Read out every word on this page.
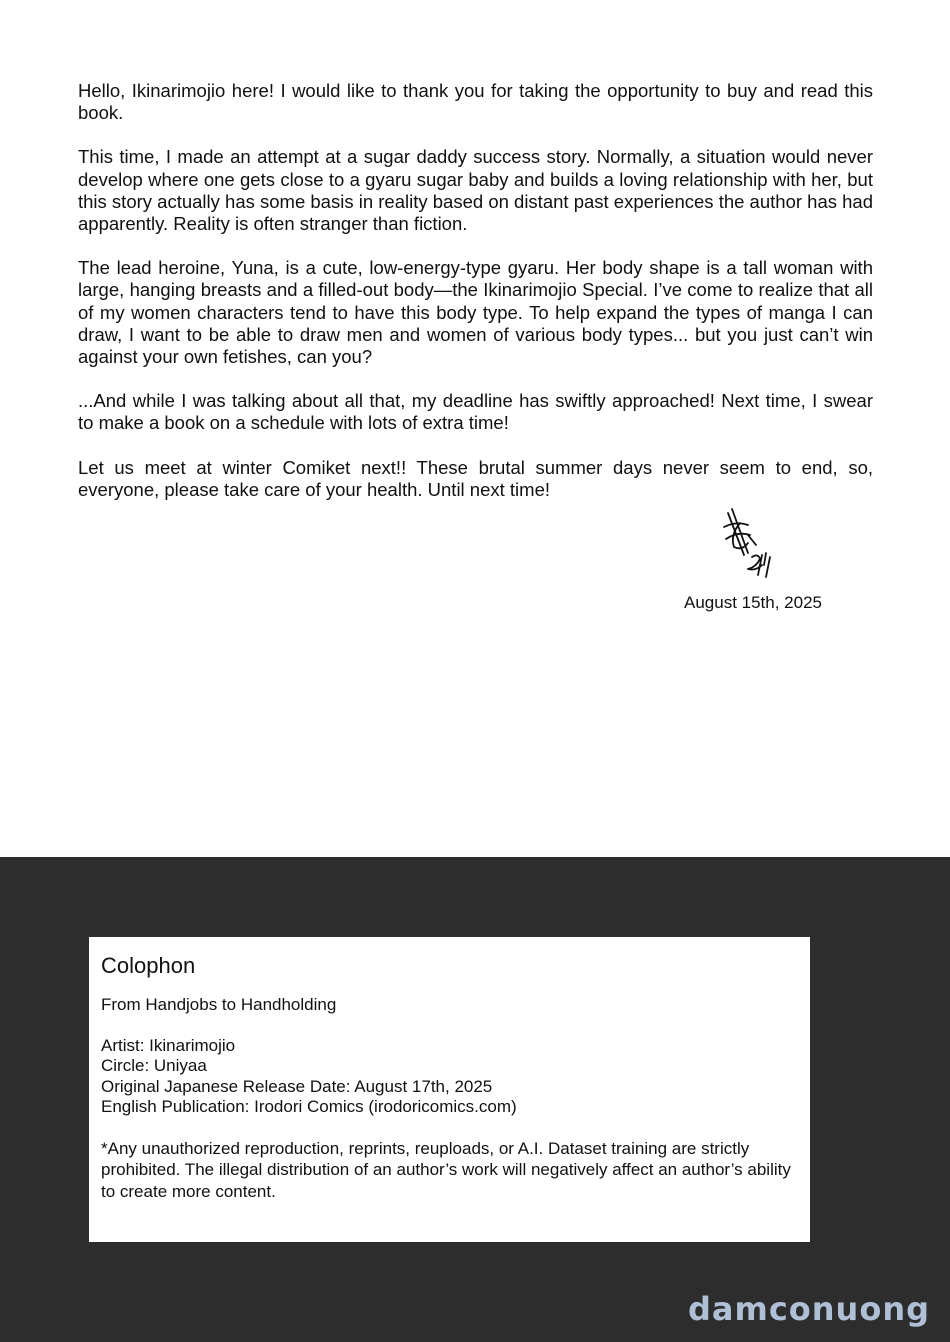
Hello, Ikinarimojio here! I would like to thank you for taking the opportunity to buy and read this book.

This time, I made an attempt at a sugar daddy success story. Normally, a situation would never develop where one gets close to a gyaru sugar baby and builds a loving relationship with her, but this story actually has some basis in reality based on distant past experiences the author has had apparently. Reality is often stranger than fiction.

The lead heroine, Yuna, is a cute, low-energy-type gyaru. Her body shape is a tall woman with large, hanging breasts and a filled-out body—the Ikinarimojio Special. I’ve come to realize that all of my women characters tend to have this body type. To help expand the types of manga I can draw, I want to be able to draw men and women of various body types... but you just can’t win against your own fetishes, can you?

...And while I was talking about all that, my deadline has swiftly approached! Next time, I swear to make a book on a schedule with lots of extra time!

Let us meet at winter Comiket next!! These brutal summer days never seem to end, so, everyone, please take care of your health. Until next time!

August 15th, 2025
Colophon

From Handjobs to Handholding

Artist: Ikinarimojio

Circle: Uniyaa

Original Japanese Release Date: August 17th, 2025

English Publication: Irodori Comics (irodoricomics.com)

*Any unauthorized reproduction, reprints, reuploads, or A.I. Dataset training are strictly prohibited. The illegal distribution of an author’s work will negatively affect an author’s ability to create more content.

damconuong
